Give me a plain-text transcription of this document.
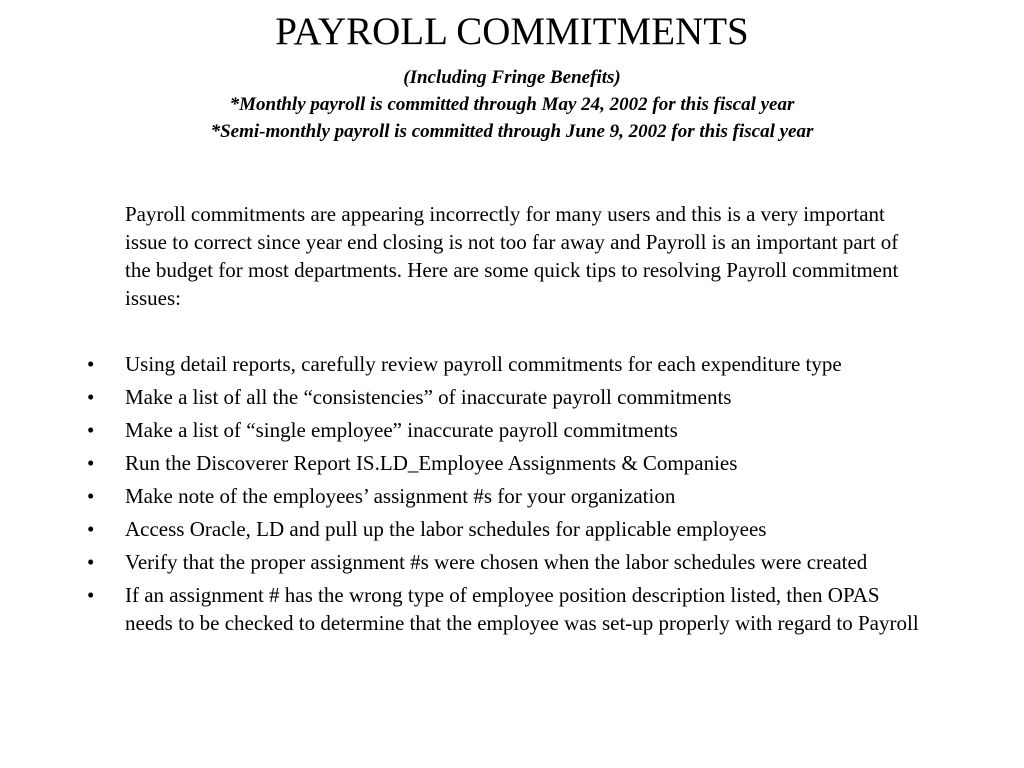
PAYROLL COMMITMENTS
(Including Fringe Benefits)
*Monthly payroll is committed through May 24, 2002 for this fiscal year
*Semi-monthly payroll is committed through June 9, 2002 for this fiscal year

Payroll commitments are appearing incorrectly for many users and this is a very important issue to correct since year end closing is not too far away and Payroll is an important part of the budget for most departments. Here are some quick tips to resolving Payroll commitment issues:

• Using detail reports, carefully review payroll commitments for each expenditure type
• Make a list of all the “consistencies” of inaccurate payroll commitments
• Make a list of “single employee” inaccurate payroll commitments
• Run the Discoverer Report IS.LD_Employee Assignments & Companies
• Make note of the employees’ assignment #s for your organization
• Access Oracle, LD and pull up the labor schedules for applicable employees
• Verify that the proper assignment #s were chosen when the labor schedules were created
• If an assignment # has the wrong type of employee position description listed, then OPAS needs to be checked to determine that the employee was set-up properly with regard to Payroll
